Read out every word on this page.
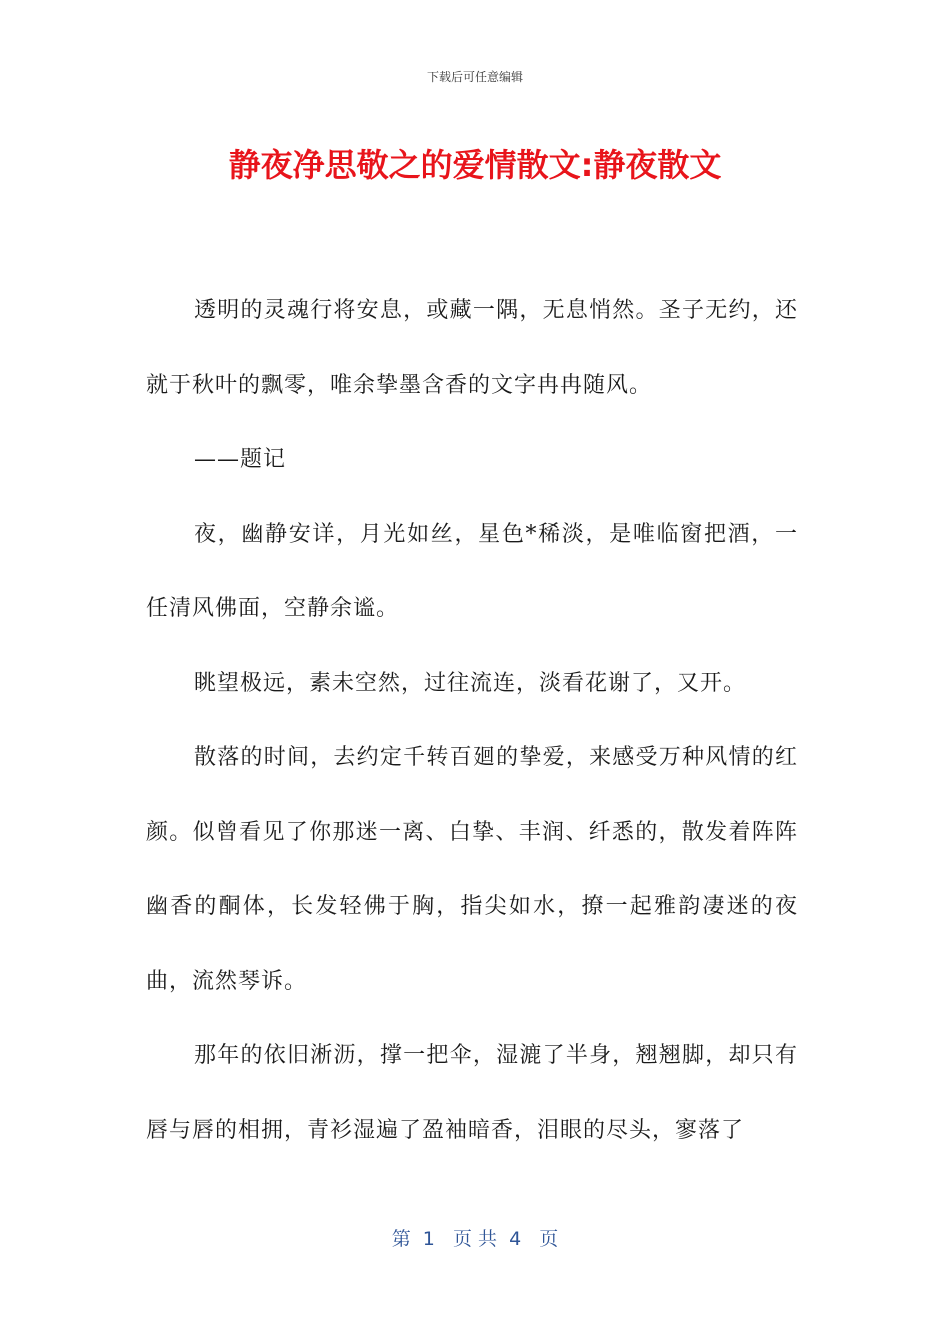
下载后可任意编辑
静夜净思敬之的爱情散文:静夜散文

透明的灵魂行将安息，或藏一隅，无息悄然。圣子无约，还就于秋叶的飘零，唯余挚墨含香的文字冉冉随风。

——题记

夜，幽静安详，月光如丝，星色*稀淡，是唯临窗把酒，一任清风佛面，空静余谧。

眺望极远，素未空然，过往流连，淡看花谢了，又开。

散落的时间，去约定千转百廻的挚爱，来感受万种风情的红颜。似曾看见了你那迷一离、白挚、丰润、纤悉的，散发着阵阵幽香的酮体，长发轻佛于胸，指尖如水，撩一起雅韵凄迷的夜曲，流然琴诉。

那年的依旧淅沥，撑一把伞，湿漉了半身，翘翘脚，却只有唇与唇的相拥，青衫湿遍了盈袖暗香，泪眼的尽头，寥落了

第  1   页 共  4   页
